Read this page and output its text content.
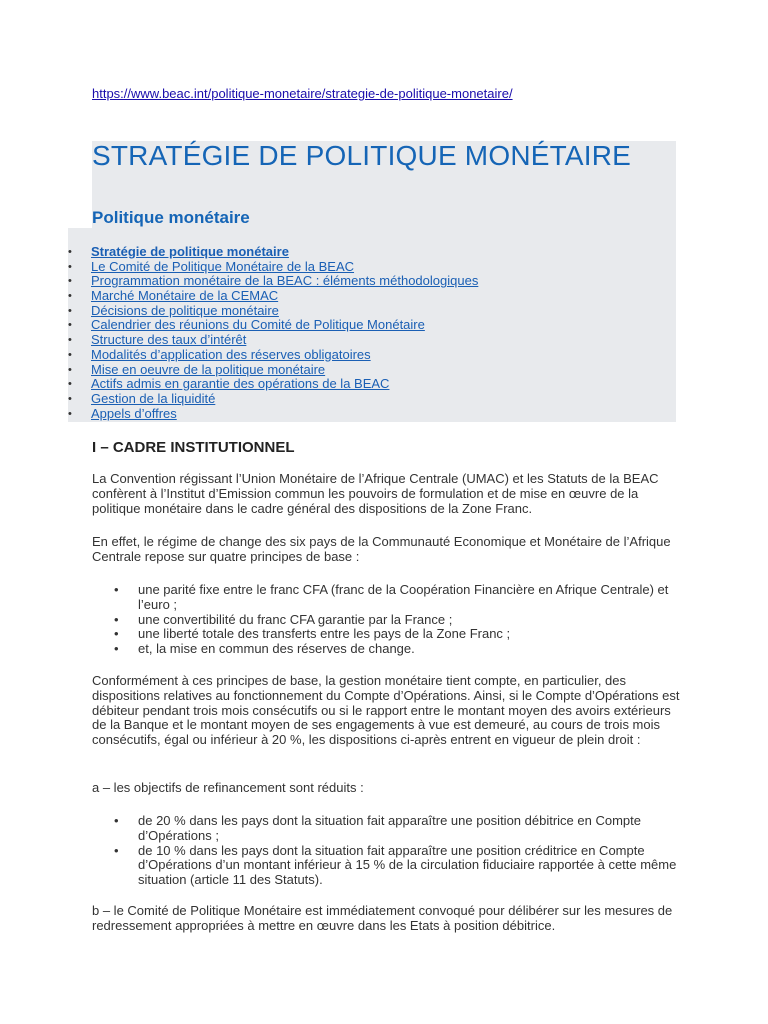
https://www.beac.int/politique-monetaire/strategie-de-politique-monetaire/
STRATÉGIE DE POLITIQUE MONÉTAIRE
Politique monétaire
• Stratégie de politique monétaire
• Le Comité de Politique Monétaire de la BEAC
• Programmation monétaire de la BEAC : éléments méthodologiques
• Marché Monétaire de la CEMAC
• Décisions de politique monétaire
• Calendrier des réunions du Comité de Politique Monétaire
• Structure des taux d’intérêt
• Modalités d’application des réserves obligatoires
• Mise en oeuvre de la politique monétaire
• Actifs admis en garantie des opérations de la BEAC
• Gestion de la liquidité
• Appels d’offres
I – CADRE INSTITUTIONNEL

La Convention régissant l’Union Monétaire de l’Afrique Centrale (UMAC) et les Statuts de la BEAC confèrent à l’Institut d’Emission commun les pouvoirs de formulation et de mise en œuvre de la politique monétaire dans le cadre général des dispositions de la Zone Franc.

En effet, le régime de change des six pays de la Communauté Economique et Monétaire de l’Afrique Centrale repose sur quatre principes de base :

• une parité fixe entre le franc CFA (franc de la Coopération Financière en Afrique Centrale) et l’euro ;
• une convertibilité du franc CFA garantie par la France ;
• une liberté totale des transferts entre les pays de la Zone Franc ;
• et, la mise en commun des réserves de change.

Conformément à ces principes de base, la gestion monétaire tient compte, en particulier, des dispositions relatives au fonctionnement du Compte d’Opérations. Ainsi, si le Compte d’Opérations est débiteur pendant trois mois consécutifs ou si le rapport entre le montant moyen des avoirs extérieurs de la Banque et le montant moyen de ses engagements à vue est demeuré, au cours de trois mois consécutifs, égal ou inférieur à 20 %, les dispositions ci-après entrent en vigueur de plein droit :

a – les objectifs de refinancement sont réduits :

• de 20 % dans les pays dont la situation fait apparaître une position débitrice en Compte d’Opérations ;
• de 10 % dans les pays dont la situation fait apparaître une position créditrice en Compte d’Opérations d’un montant inférieur à 15 % de la circulation fiduciaire rapportée à cette même situation (article 11 des Statuts).

b – le Comité de Politique Monétaire est immédiatement convoqué pour délibérer sur les mesures de redressement appropriées à mettre en œuvre dans les Etats à position débitrice.
